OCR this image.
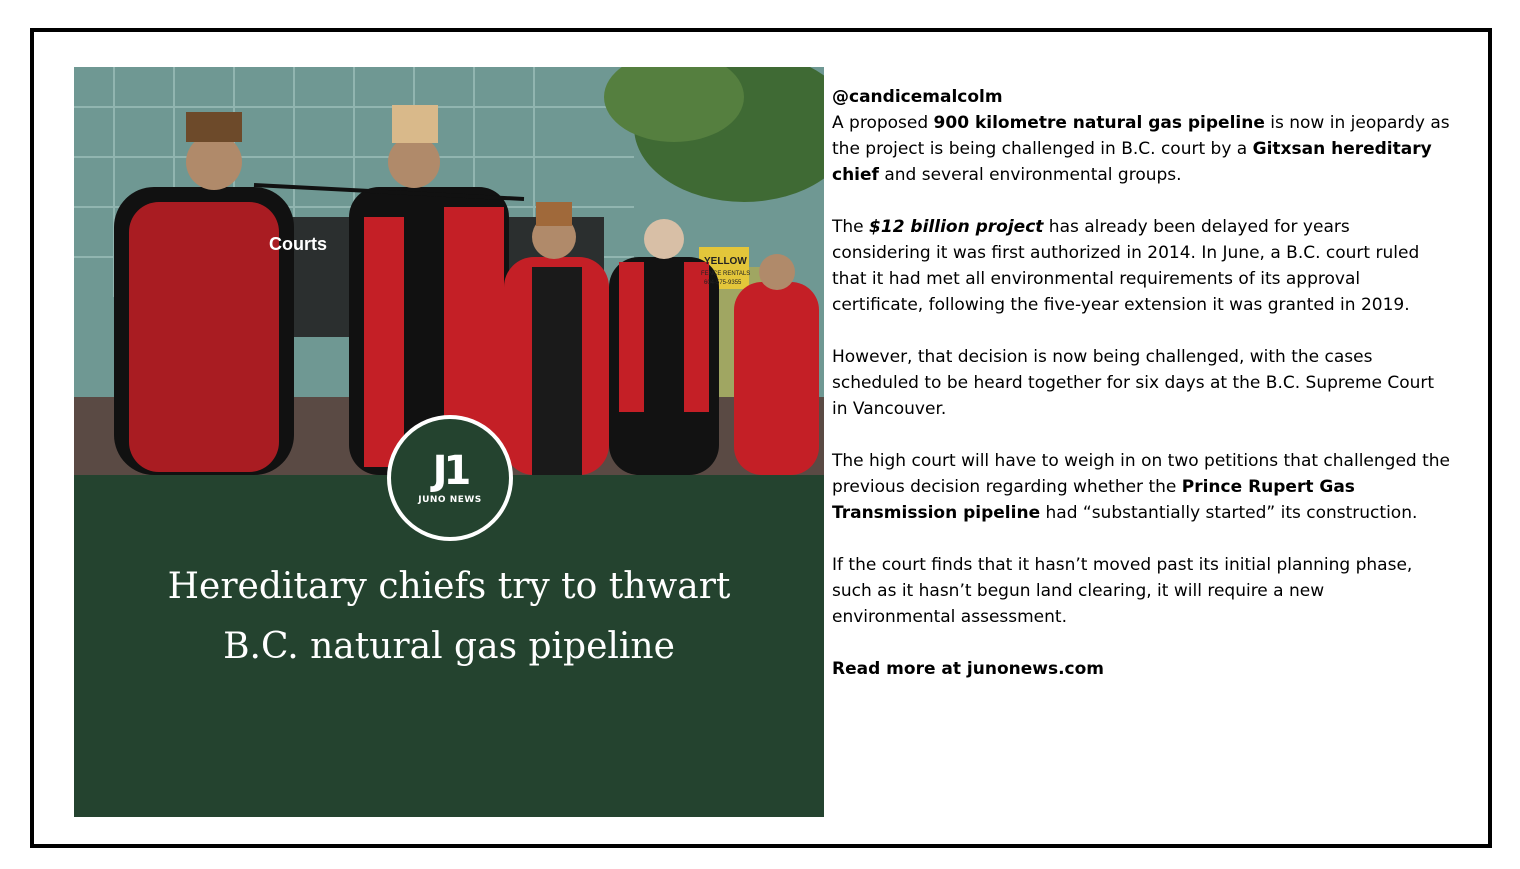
Courts
YELLOW
FENCE RENTALS
604-575-9355
J1
JUNO NEWS
Hereditary chiefs try to thwart B.C. natural gas pipeline
@candicemalcolm

A proposed 900 kilometre natural gas pipeline is now in jeopardy as the project is being challenged in B.C. court by a Gitxsan hereditary chief and several environmental groups.

The $12 billion project has already been delayed for years considering it was first authorized in 2014. In June, a B.C. court ruled that it had met all environmental requirements of its approval certificate, following the five-year extension it was granted in 2019.

However, that decision is now being challenged, with the cases scheduled to be heard together for six days at the B.C. Supreme Court in Vancouver.

The high court will have to weigh in on two petitions that challenged the previous decision regarding whether the Prince Rupert Gas Transmission pipeline had “substantially started” its construction.

If the court finds that it hasn’t moved past its initial planning phase, such as it hasn’t begun land clearing, it will require a new environmental assessment.

Read more at junonews.com
